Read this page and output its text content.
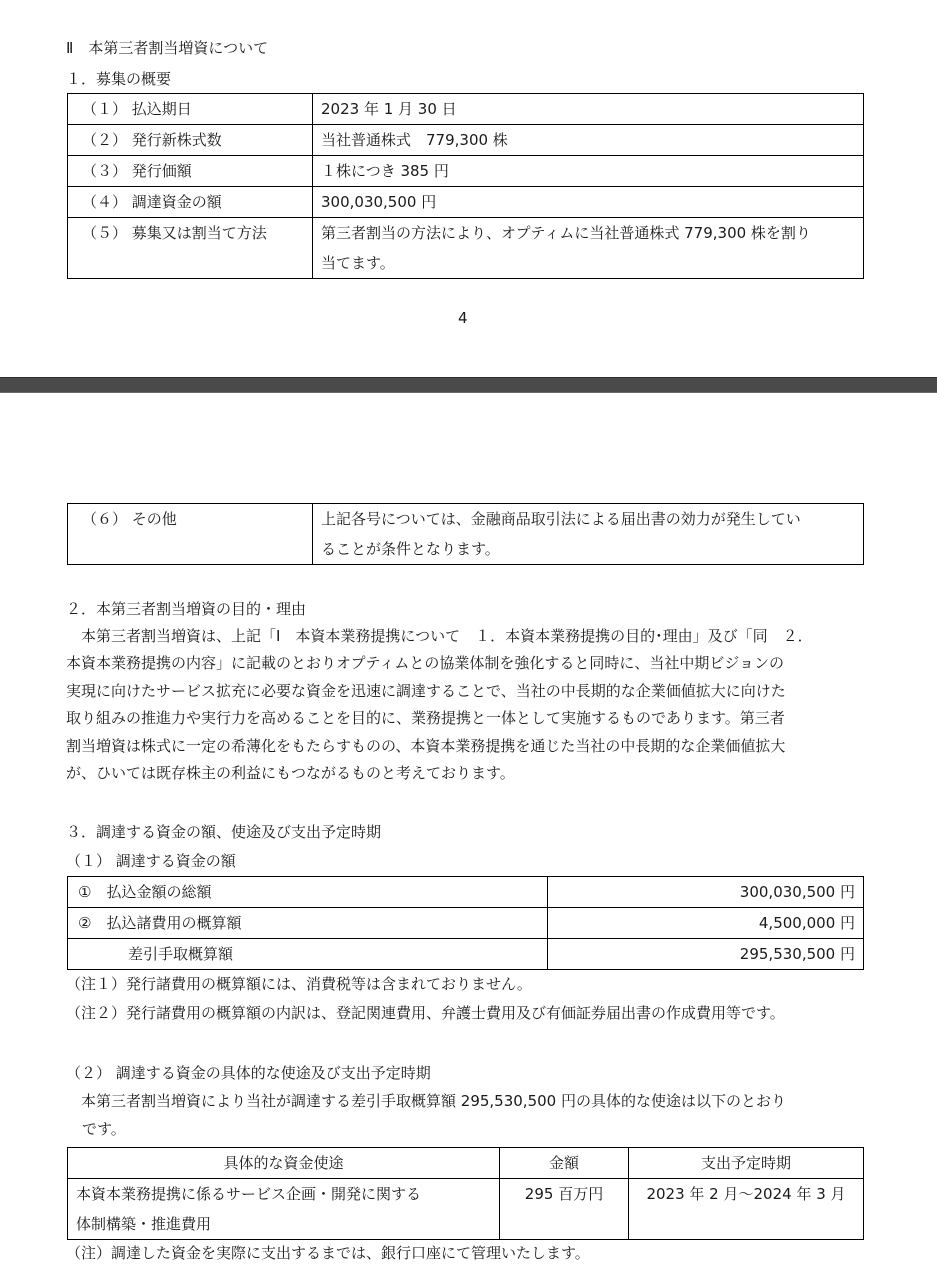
Ⅱ　本第三者割当増資について
１．募集の概要
（１） 払込期日	2023 年 1 月 30 日
（２） 発行新株式数	当社普通株式　779,300 株
（３） 発行価額	１株につき 385 円
（４） 調達資金の額	300,030,500 円
（５） 募集又は割当て方法	第三者割当の方法により、オプティムに当社普通株式 779,300 株を割り
当てます。
4
（６） その他	上記各号については、金融商品取引法による届出書の効力が発生してい
ることが条件となります。
２．本第三者割当増資の目的・理由
　本第三者割当増資は、上記「Ⅰ　本資本業務提携について　１．本資本業務提携の目的･理由」及び「同　２．
本資本業務提携の内容」に記載のとおりオプティムとの協業体制を強化すると同時に、当社中期ビジョンの
実現に向けたサービス拡充に必要な資金を迅速に調達することで、当社の中長期的な企業価値拡大に向けた
取り組みの推進力や実行力を高めることを目的に、業務提携と一体として実施するものであります。第三者
割当増資は株式に一定の希薄化をもたらすものの、本資本業務提携を通じた当社の中長期的な企業価値拡大
が、ひいては既存株主の利益にもつながるものと考えております。
３．調達する資金の額、使途及び支出予定時期
（１） 調達する資金の額
①　払込金額の総額	300,030,500 円
②　払込諸費用の概算額	4,500,000 円
差引手取概算額	295,530,500 円
（注１）発行諸費用の概算額には、消費税等は含まれておりません。
（注２）発行諸費用の概算額の内訳は、登記関連費用、弁護士費用及び有価証券届出書の作成費用等です。
（２） 調達する資金の具体的な使途及び支出予定時期
　本第三者割当増資により当社が調達する差引手取概算額 295,530,500 円の具体的な使途は以下のとおり
です。
具体的な資金使途	金額	支出予定時期

本資本業務提携に係るサービス企画・開発に関する
体制構築・推進費用	295 百万円	2023 年 2 月～2024 年 3 月
（注）調達した資金を実際に支出するまでは、銀行口座にて管理いたします。
